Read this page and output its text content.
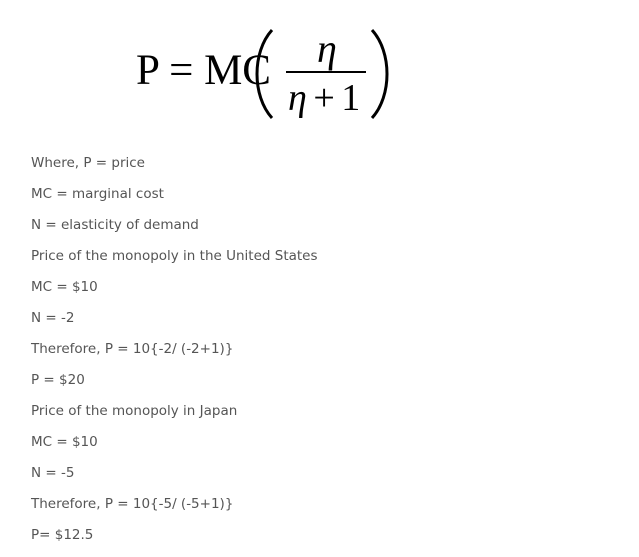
P = MC η
η + 1
Where, P = price
MC = marginal cost
N = elasticity of demand
Price of the monopoly in the United States
MC = $10
N = -2
Therefore, P = 10{-2/ (-2+1)}
P = $20
Price of the monopoly in Japan
MC = $10
N = -5
Therefore, P = 10{-5/ (-5+1)}
P= $12.5
